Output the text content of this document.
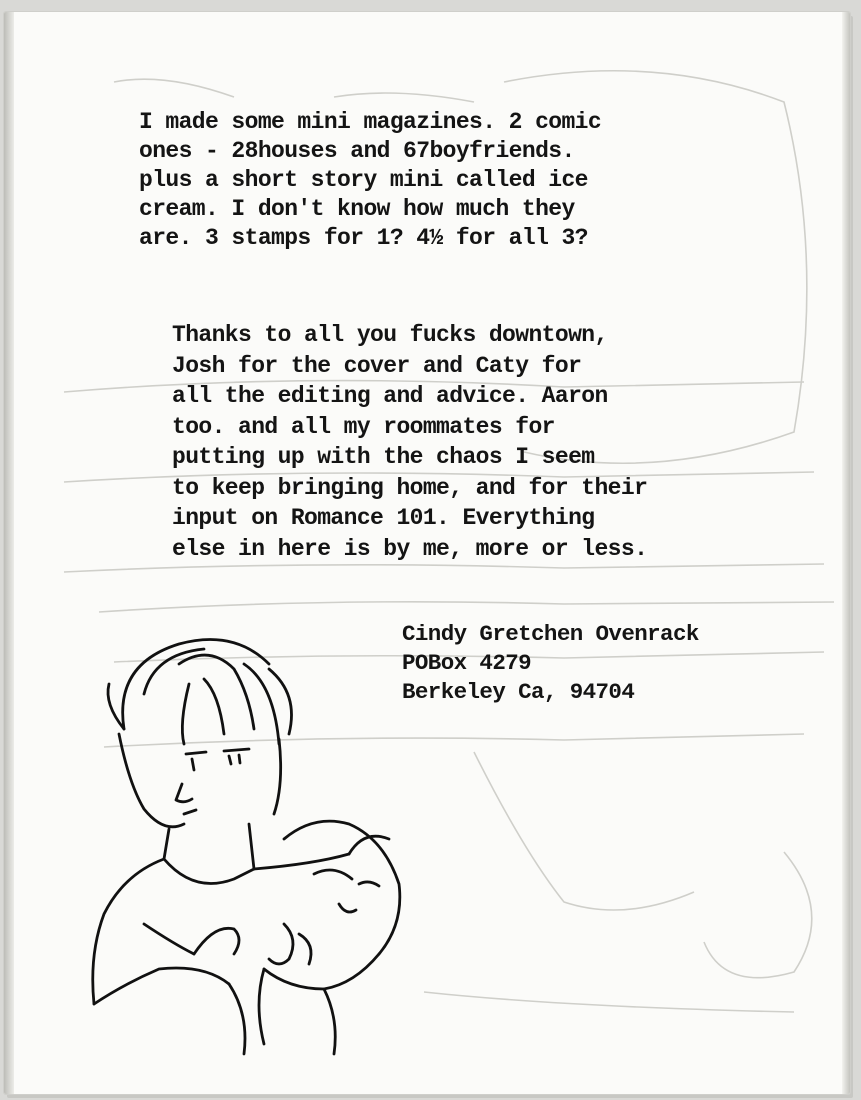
I made some mini magazines. 2 comic
ones - 28houses and 67boyfriends.
plus a short story mini called ice
cream. I don't know how much they
are. 3 stamps for 1? 4½ for all 3?
Thanks to all you fucks downtown,
Josh for the cover and Caty for
all the editing and advice. Aaron
too. and all my roommates for
putting up with the chaos I seem
to keep bringing home, and for their
input on Romance 101. Everything
else in here is by me, more or less.
Cindy Gretchen Ovenrack
POBox 4279
Berkeley Ca, 94704
